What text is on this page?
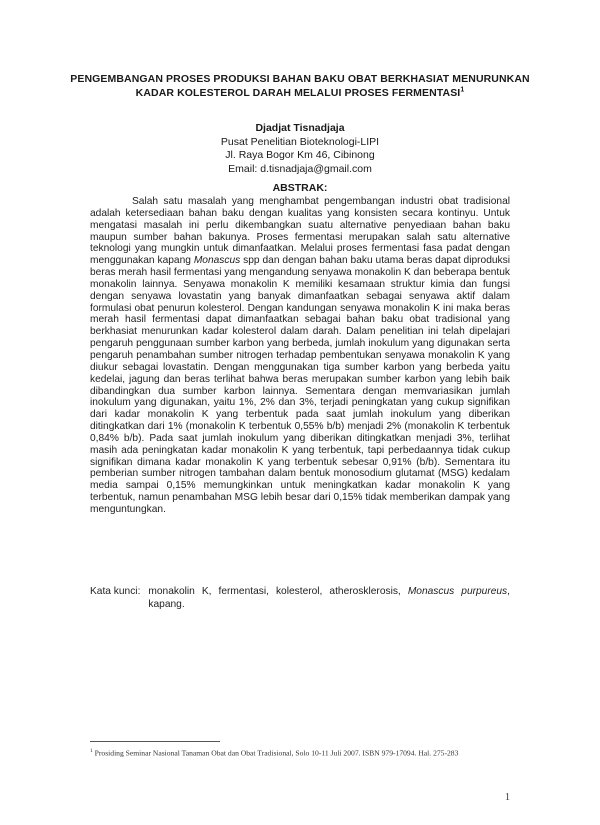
PENGEMBANGAN PROSES PRODUKSI BAHAN BAKU OBAT BERKHASIAT MENURUNKAN KADAR KOLESTEROL DARAH MELALUI PROSES FERMENTASI$^1$
Djadjat Tisnadjaja
Pusat Penelitian Bioteknologi-LIPI
Jl. Raya Bogor Km 46, Cibinong
Email: d.tisnadjaja@gmail.com
ABSTRAK:

Salah satu masalah yang menghambat pengembangan industri obat tradisional adalah ketersediaan bahan baku dengan kualitas yang konsisten secara kontinyu. Untuk mengatasi masalah ini perlu dikembangkan suatu alternative penyediaan bahan baku maupun sumber bahan bakunya. Proses fermentasi merupakan salah satu alternative teknologi yang mungkin untuk dimanfaatkan. Melalui proses fermentasi fasa padat dengan menggunakan kapang Monascus spp dan dengan bahan baku utama beras dapat diproduksi beras merah hasil fermentasi yang mengandung senyawa monakolin K dan beberapa bentuk monakolin lainnya. Senyawa monakolin K memiliki kesamaan struktur kimia dan fungsi dengan senyawa lovastatin yang banyak dimanfaatkan sebagai senyawa aktif dalam formulasi obat penurun kolesterol. Dengan kandungan senyawa monakolin K ini maka beras merah hasil fermentasi dapat dimanfaatkan sebagai bahan baku obat tradisional yang berkhasiat menurunkan kadar kolesterol dalam darah. Dalam penelitian ini telah dipelajari pengaruh penggunaan sumber karbon yang berbeda, jumlah inokulum yang digunakan serta pengaruh penambahan sumber nitrogen terhadap pembentukan senyawa monakolin K yang diukur sebagai lovastatin. Dengan menggunakan tiga sumber karbon yang berbeda yaitu kedelai, jagung dan beras terlihat bahwa beras merupakan sumber karbon yang lebih baik dibandingkan dua sumber karbon lainnya. Sementara dengan memvariasikan jumlah inokulum yang digunakan, yaitu 1%, 2% dan 3%, terjadi peningkatan yang cukup signifikan dari kadar monakolin K yang terbentuk pada saat jumlah inokulum yang diberikan ditingkatkan dari 1% (monakolin K terbentuk 0,55% b/b) menjadi 2% (monakolin K terbentuk 0,84% b/b). Pada saat jumlah inokulum yang diberikan ditingkatkan menjadi 3%, terlihat masih ada peningkatan kadar monakolin K yang terbentuk, tapi perbedaannya tidak cukup signifikan dimana kadar monakolin K yang terbentuk sebesar 0,91% (b/b). Sementara itu pemberian sumber nitrogen tambahan dalam bentuk monosodium glutamat (MSG) kedalam media sampai 0,15% memungkinkan untuk meningkatkan kadar monakolin K yang terbentuk, namun penambahan MSG lebih besar dari 0,15% tidak memberikan dampak yang menguntungkan.

Kata kunci: monakolin K, fermentasi, kolesterol, atherosklerosis, Monascus purpureus, kapang.

$^1$ Prosiding Seminar Nasional Tanaman Obat dan Obat Tradisional, Solo 10-11 Juli 2007. ISBN 979-17094. Hal. 275-283

1
